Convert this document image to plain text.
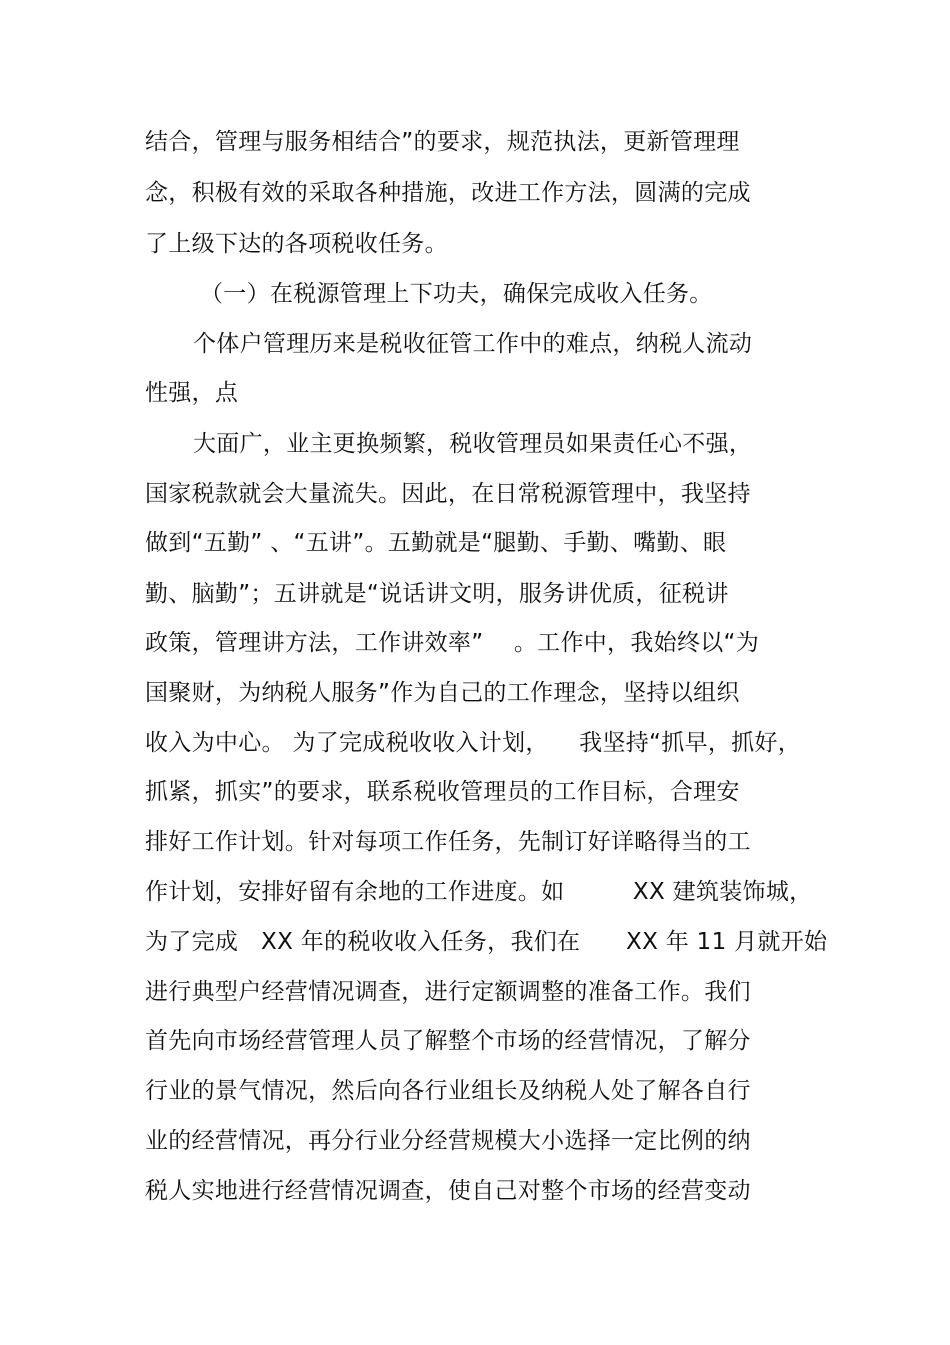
结合，管理与服务相结合”的要求，规范执法，更新管理理
念，积极有效的采取各种措施，改进工作方法，圆满的完成
了上级下达的各项税收任务。
（一）在税源管理上下功夫，确保完成收入任务。
个体户管理历来是税收征管工作中的难点，纳税人流动
性强，点
大面广，业主更换频繁，税收管理员如果责任心不强，
国家税款就会大量流失。因此，在日常税源管理中，我坚持
做到“五勤” 、“五讲”。五勤就是“腿勤、手勤、嘴勤、眼
勤、脑勤”；五讲就是“说话讲文明，服务讲优质，征税讲
政策，管理讲方法，工作讲效率”    。工作中，我始终以“为
国聚财，为纳税人服务”作为自己的工作理念，坚持以组织
收入为中心。 为了完成税收收入计划，    我坚持“抓早，抓好，
抓紧，抓实”的要求，联系税收管理员的工作目标，合理安
排好工作计划。针对每项工作任务，先制订好详略得当的工
作计划，安排好留有余地的工作进度。如         XX 建筑装饰城，
为了完成   XX 年的税收收入任务，我们在      XX 年 11 月就开始
进行典型户经营情况调查，进行定额调整的准备工作。我们
首先向市场经营管理人员了解整个市场的经营情况，了解分
行业的景气情况，然后向各行业组长及纳税人处了解各自行
业的经营情况，再分行业分经营规模大小选择一定比例的纳
税人实地进行经营情况调查，使自己对整个市场的经营变动
